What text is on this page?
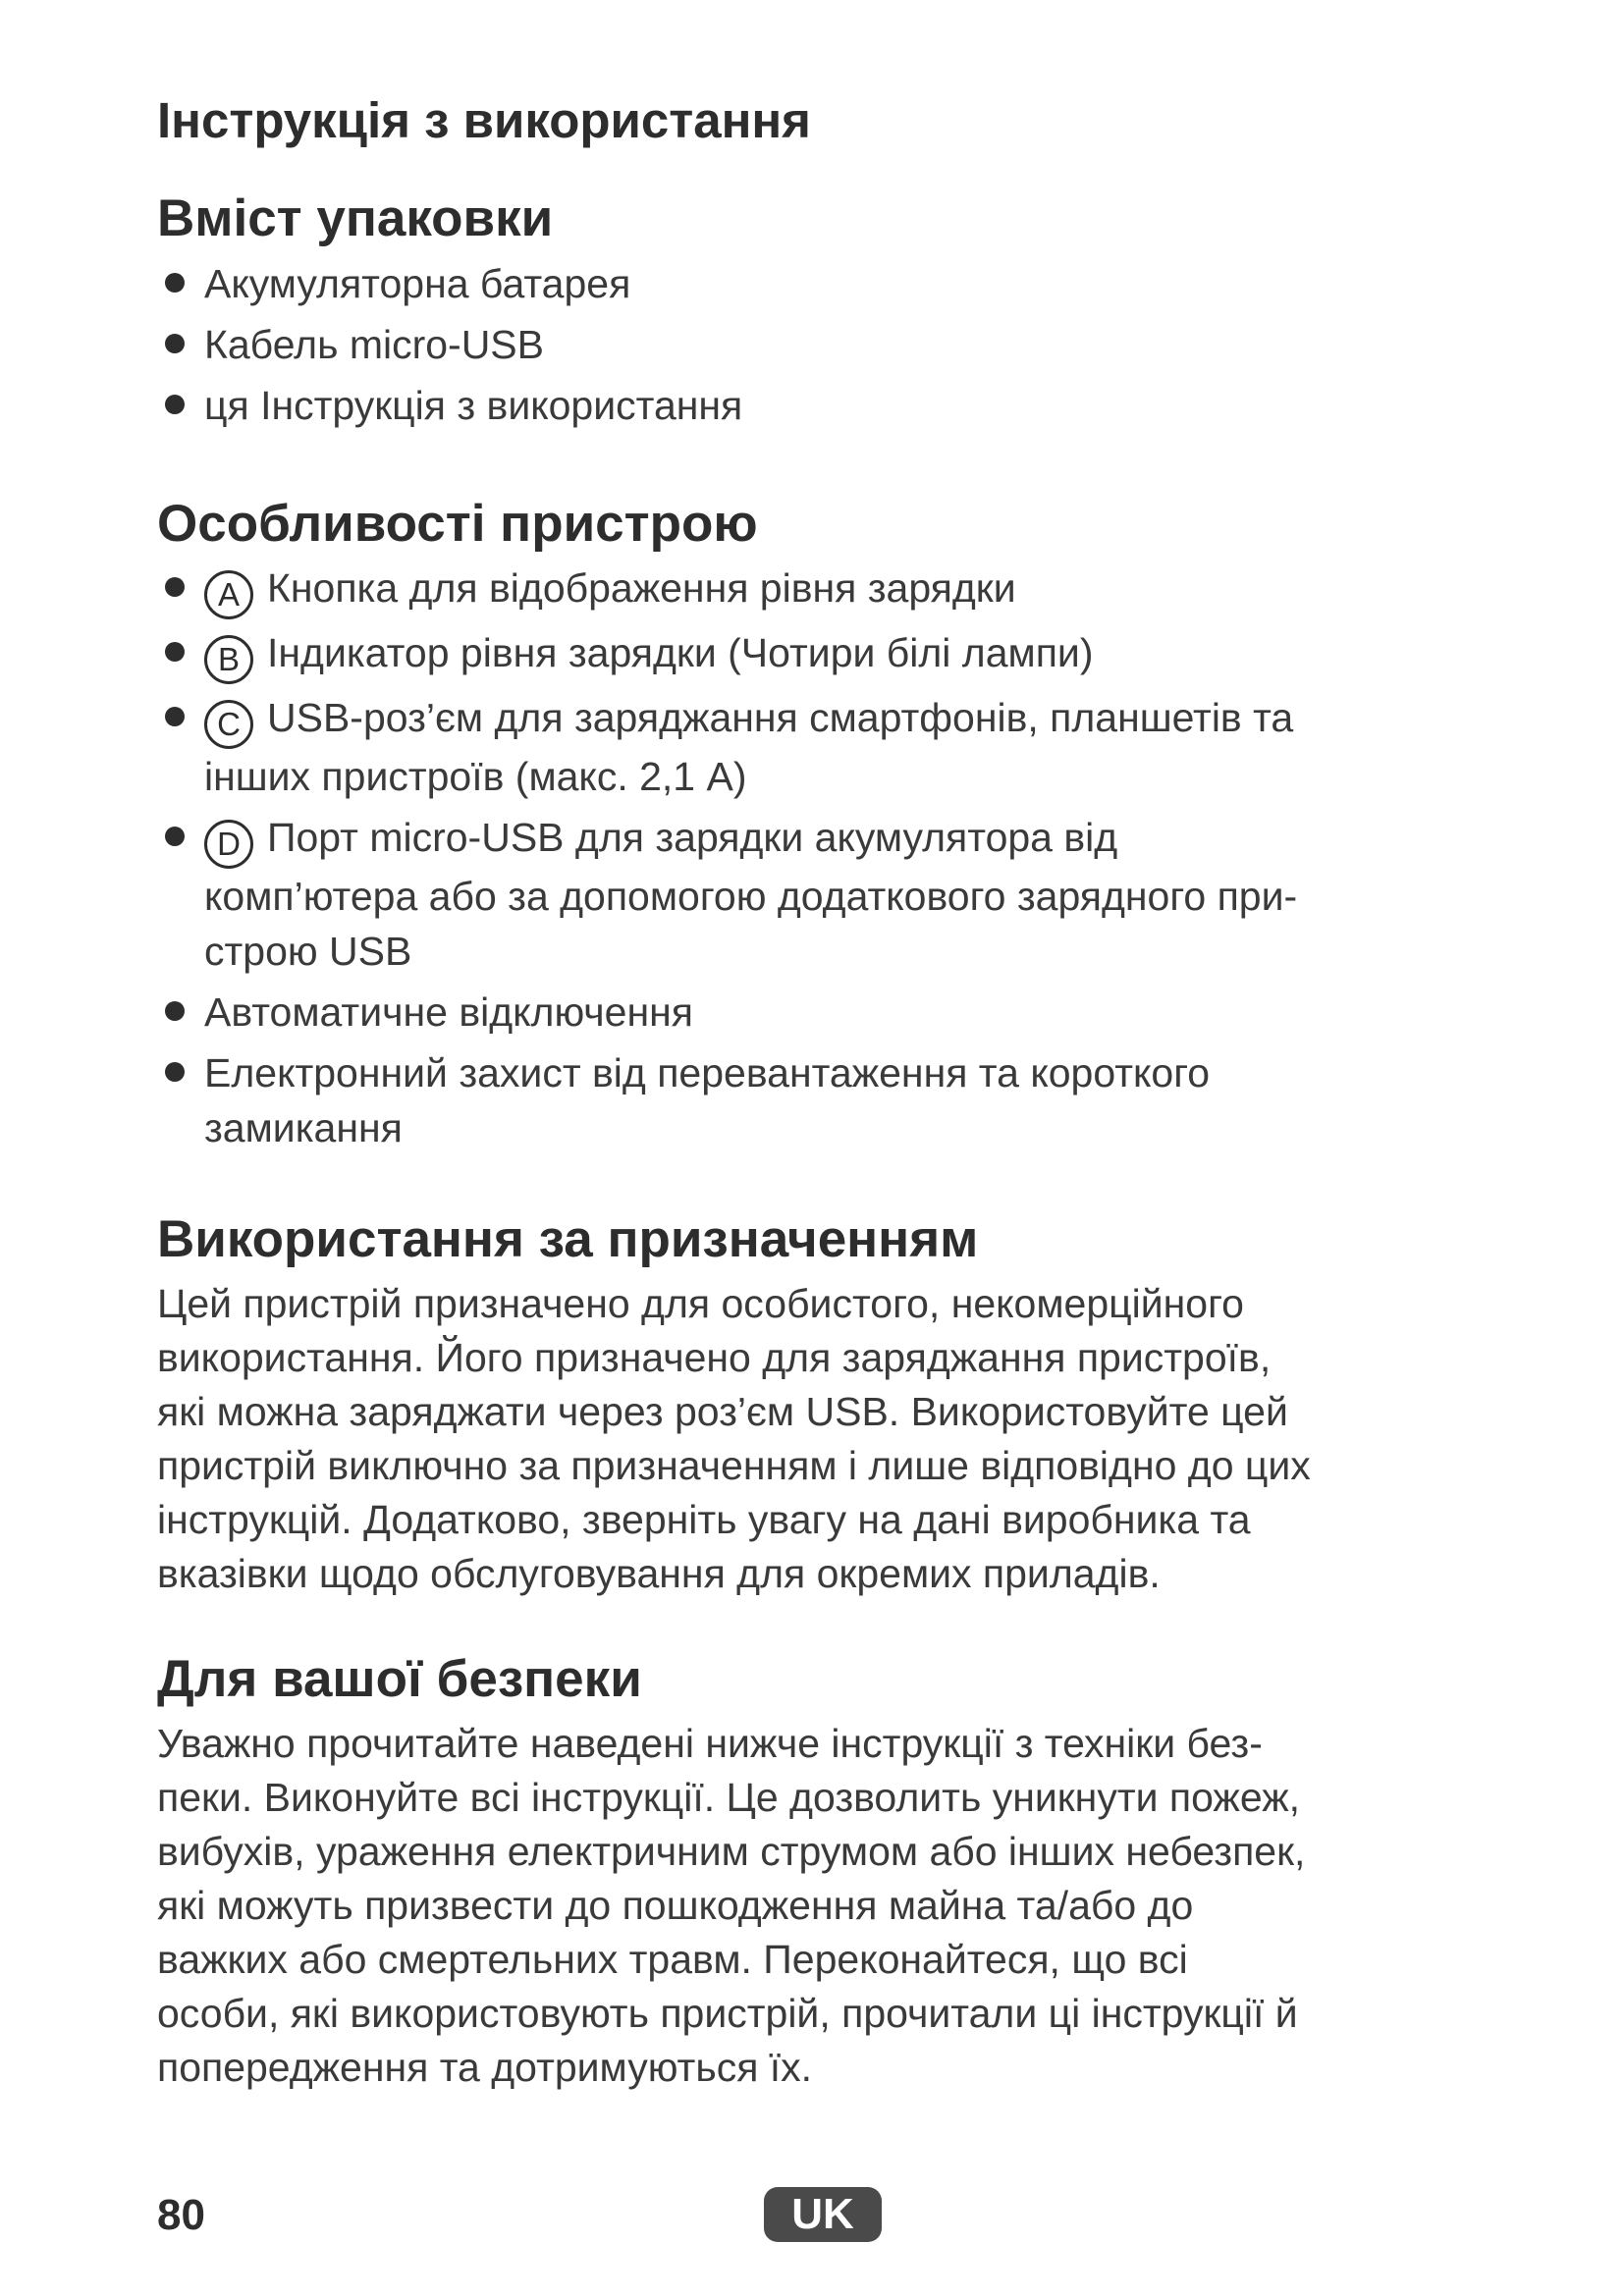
Інструкція з використання
Вміст упаковки
Акумуляторна батарея
Кабель micro-USB
ця Інструкція з використання
Особливості пристрою
A Кнопка для відображення рівня зарядки
B Індикатор рівня зарядки (Чотири білі лампи)
C USB-роз’єм для заряджання смартфонів, планшетів та
інших пристроїв (макс. 2,1 А)
D Порт micro-USB для зарядки акумулятора від
комп’ютера або за допомогою додаткового зарядного при-
строю USB
Автоматичне відключення
Електронний захист від перевантаження та короткого
замикання
Використання за призначенням

Цей пристрій призначено для особистого, некомерційного
використання. Його призначено для заряджання пристроїв,
які можна заряджати через роз’єм USB. Використовуйте цей
пристрій виключно за призначенням і лише відповідно до цих
інструкцій. Додатково, зверніть увагу на дані виробника та
вказівки щодо обслуговування для окремих приладів.

Для вашої безпеки

Уважно прочитайте наведені нижче інструкції з техніки без-
пеки. Виконуйте всі інструкції. Це дозволить уникнути пожеж,
вибухів, ураження електричним струмом або інших небезпек,
які можуть призвести до пошкодження майна та/або до
важких або смертельних травм. Переконайтеся, що всі
особи, які використовують пристрій, прочитали ці інструкції й
попередження та дотримуються їх.

80	UK
